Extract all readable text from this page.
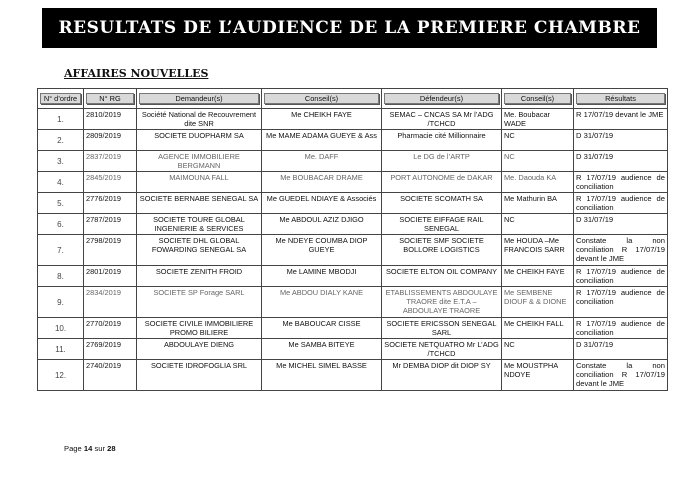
RESULTATS DE L’AUDIENCE DE LA PREMIERE CHAMBRE
AFFAIRES NOUVELLES
N° d’ordre	N° RG	Demandeur(s)	Conseil(s)	Défendeur(s)	Conseil(s)	Résultats

1.	2810/2019	Société National de Recouvrement dite SNR	Me CHEIKH FAYE	SEMAC – CNCAS SA Mr l’ADG /TCHCD	Me. Boubacar WADE	R 17/07/19 devant le JME
2.	2809/2019	SOCIETE DUOPHARM SA	Me MAME ADAMA GUEYE & Ass	Pharmacie cité Millionnaire	NC	D 31/07/19
3.	2837/2019	AGENCE IMMOBILIERE BERGMANN	Me. DAFF	Le DG de l’ARTP	NC	D 31/07/19
4.	2845/2019	MAIMOUNA FALL	Me BOUBACAR DRAME	PORT AUTONOME de DAKAR	Me. Daouda KA	R 17/07/19 audience de conciliation
5.	2776/2019	SOCIETE BERNABE SENEGAL SA	Me GUEDEL NDIAYE & Associés	SOCIETE SCOMATH SA	Me Mathurin BA	R 17/07/19 audience de conciliation
6.	2787/2019	SOCIETE TOURE GLOBAL INGENIERIE & SERVICES	Me ABDOUL AZIZ DJIGO	SOCIETE EIFFAGE RAIL SENEGAL	NC	D 31/07/19
7.	2798/2019	SOCIETE DHL GLOBAL FOWARDING SENEGAL SA	Me NDEYE COUMBA DIOP GUEYE	SOCIETE SMF SOCIETE BOLLORE LOGISTICS	Me HOUDA –Me FRANCOIS SARR	Constate la non conciliation R 17/07/19 devant le JME
8.	2801/2019	SOCIETE ZENITH FROID	Me LAMINE MBODJI	SOCIETE ELTON OIL COMPANY	Me CHEIKH FAYE	R 17/07/19 audience de conciliation
9.	2834/2019	SOCIETE SP Forage SARL	Me ABDOU DIALY KANE	ETABLISSEMENTS ABDOULAYE TRAORE dite E.T.A – ABDOULAYE TRAORE	Me SEMBENE DIOUF & & DIONE	R 17/07/19 audience de conciliation
10.	2770/2019	SOCIETE CIVILE IMMOBILIERE PROMO BILIERE	Me BABOUCAR CISSE	SOCIETE ERICSSON SENEGAL SARL	Me CHEIKH FALL	R 17/07/19 audience de conciliation
11.	2769/2019	ABDOULAYE DIENG	Me SAMBA BITEYE	SOCIETE NETQUATRO Mr L’ADG /TCHCD	NC	D 31/07/19
12.	2740/2019	SOCIETE IDROFOGLIA SRL	Me MICHEL SIMEL BASSE	Mr DEMBA DIOP dit DIOP SY	Me MOUSTPHA NDOYE	Constate la non conciliation R 17/07/19 devant le JME
Page 14 sur 28
